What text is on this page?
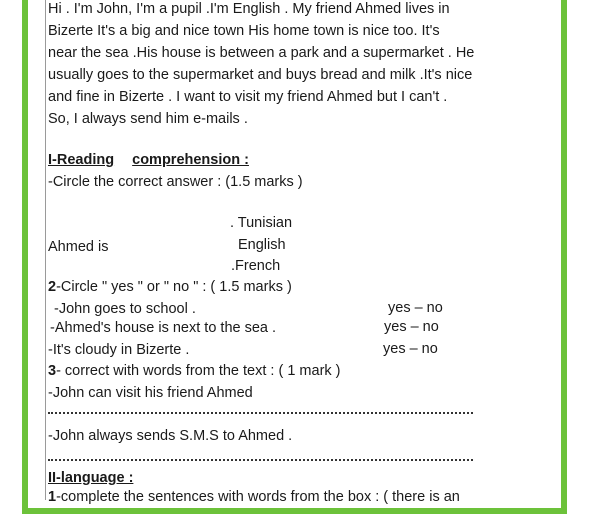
Hi . I'm John, I'm a pupil .I'm English . My friend Ahmed lives in
Bizerte It's a big and nice town His home town is nice too. It's
near the sea .His house is between a park and a supermarket . He
usually goes to the supermarket and buys bread and milk .It's nice
and fine in Bizerte . I want to visit my friend Ahmed but I can't .
So, I always send him e-mails .
I-Reading comprehension :
-Circle the correct answer : (1.5 marks )
. Tunisian
Ahmed is	English
.French
2-Circle " yes " or " no " : ( 1.5 marks )
-John goes to school .	yes – no
-Ahmed's house is next to the sea .	yes – no
-It's cloudy in Bizerte .	yes – no
3- correct with words from the text : ( 1 mark )
-John can visit his friend Ahmed
-John always sends S.M.S to Ahmed .
II-language :
1-complete the sentences with words from the box : ( there is an
